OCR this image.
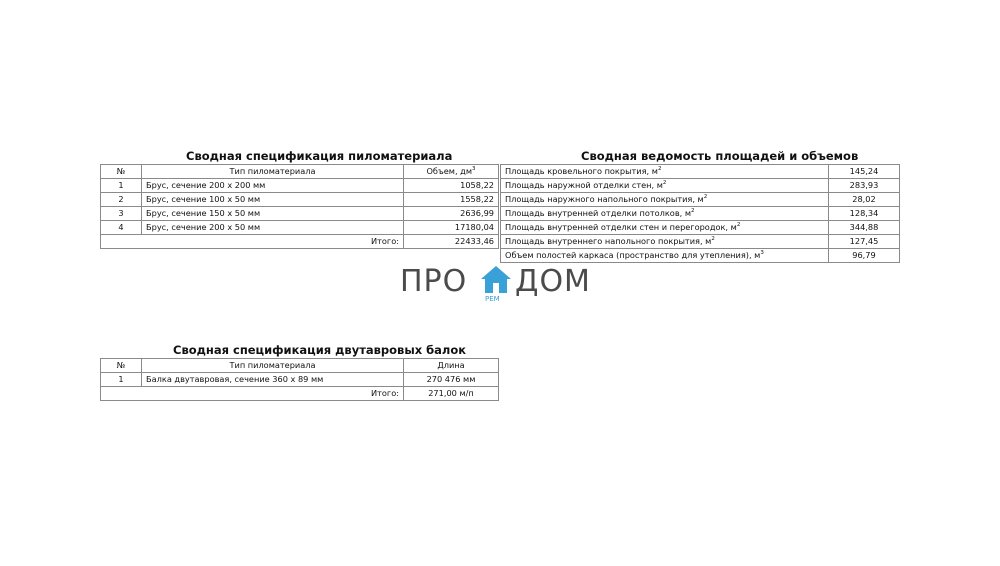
Сводная спецификация пиломатериала
№	Тип пиломатериала	Объем, $дм^3$
1	Брус, сечение 200 х 200 мм	1058,22
2	Брус, сечение 100 х 50 мм	1558,22
3	Брус, сечение 150 х 50 мм	2636,99
4	Брус, сечение 200 х 50 мм	17180,04
	Итого:	22433,46
Сводная ведомость площадей и объемов
Площадь кровельного покрытия, $м^2$	145,24
Площадь наружной отделки стен, $м^2$	283,93
Площадь наружного напольного покрытия, $м^2$	28,02
Площадь внутренней отделки потолков, $м^2$	128,34
Площадь внутренней отделки стен и перегородок, $м^2$	344,88
Площадь внутреннего напольного покрытия, $м^2$	127,45
Объем полостей каркаса (пространство для утепления), $м^3$	96,79
ПРО	РЕМ ДОМ
Сводная спецификация двутавровых балок
№	Тип пиломатериала	Длина
1	Балка двутавровая, сечение 360 х 89 мм	270 476 мм
	Итого:	271,00 м/п
